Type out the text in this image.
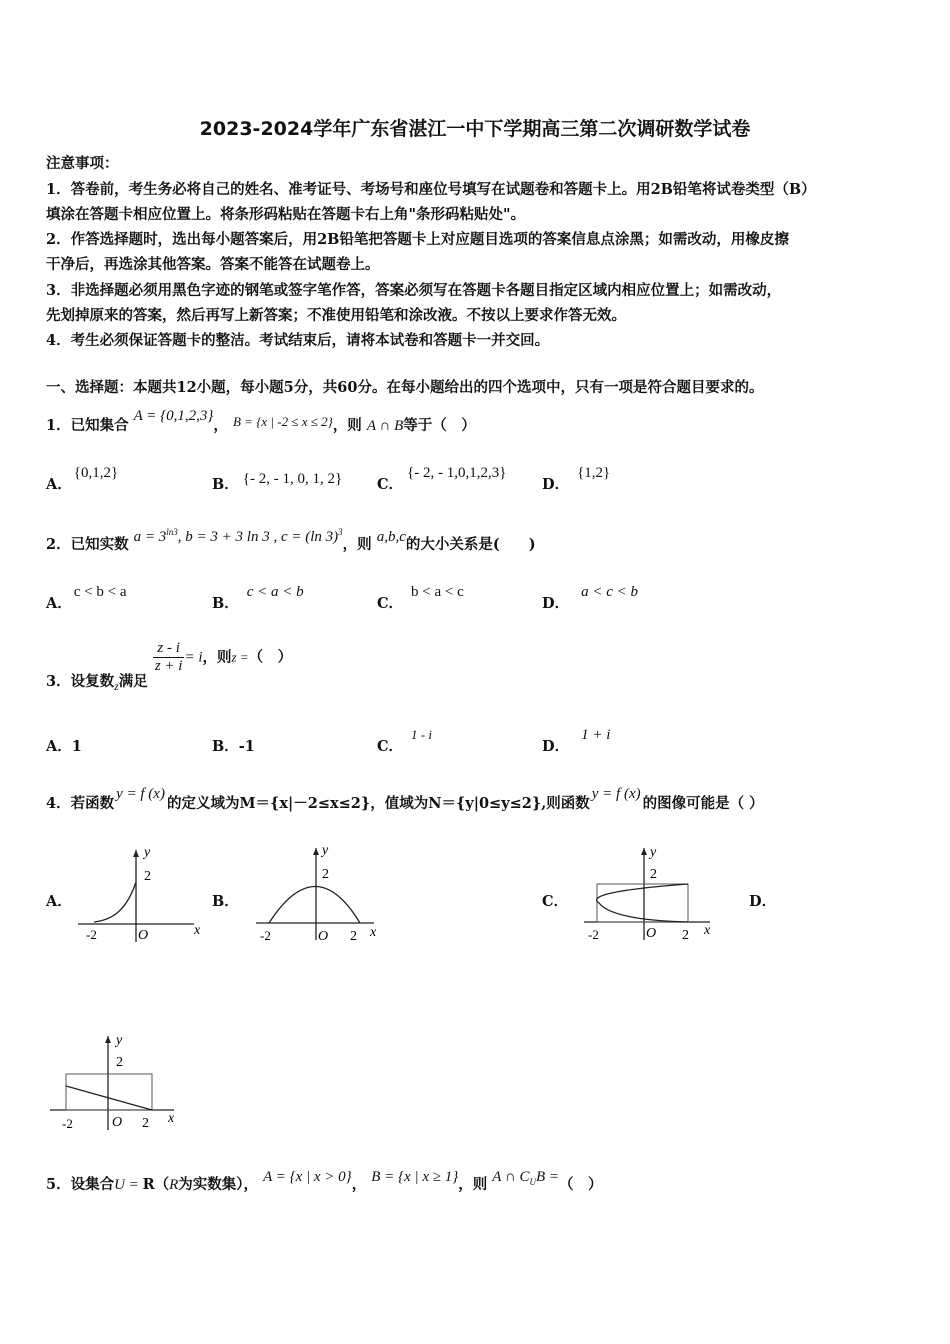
2023-2024学年广东省湛江一中下学期高三第二次调研数学试卷
注意事项：
1．答卷前，考生务必将自己的姓名、准考证号、考场号和座位号填写在试题卷和答题卡上。用2B铅笔将试卷类型（B）
填涂在答题卡相应位置上。将条形码粘贴在答题卡右上角"条形码粘贴处"。
2．作答选择题时，选出每小题答案后，用2B铅笔把答题卡上对应题目选项的答案信息点涂黑；如需改动，用橡皮擦
干净后，再选涂其他答案。答案不能答在试题卷上。
3．非选择题必须用黑色字迹的钢笔或签字笔作答，答案必须写在答题卡各题目指定区域内相应位置上；如需改动，
先划掉原来的答案，然后再写上新答案；不准使用铅笔和涂改液。不按以上要求作答无效。
4．考生必须保证答题卡的整洁。考试结束后，请将本试卷和答题卡一并交回。
一、选择题：本题共12小题，每小题5分，共60分。在每小题给出的四个选项中，只有一项是符合题目要求的。
1．已知集合 A = {0,1,2,3}， B = {x | -2 ≤ x ≤ 2}，则 A ∩ B等于（　）
A．{0,1,2}
B． {- 2, - 1, 0, 1, 2} C．{- 2, - 1,0,1,2,3}
D．{1,2}
2．已知实数 $a = 3^{ln3}$, b = 3 + 3 ln 3 , c = (ln 3)$^3$，则 a,b,c的大小关系是(　　)
A．c < b < a
B．c < a < b
C．b < a < c
D．a < c < b
3．设复数$_z$满足
$\frac{z - i}{z + i} = i$，则z =（　）
A．1	B．-1	C．1 - i
D．1 + i
4．若函数y = f (x)的定义域为M＝{x|－2≤x≤2}，值域为N＝{y|0≤y≤2},则函数y = f (x)的图像可能是（ ）
A．	B．	C．	D．
y
2
-2	O	x
y
2
-2	O 2 x
y
2
-2	O 2 x
y
2
-2	O 2 x
5．设集合U = R（R为实数集）， A = {x | x > 0}， B = {x | x ≥ 1}，则 A ∩ $C_UB$ =（　）
